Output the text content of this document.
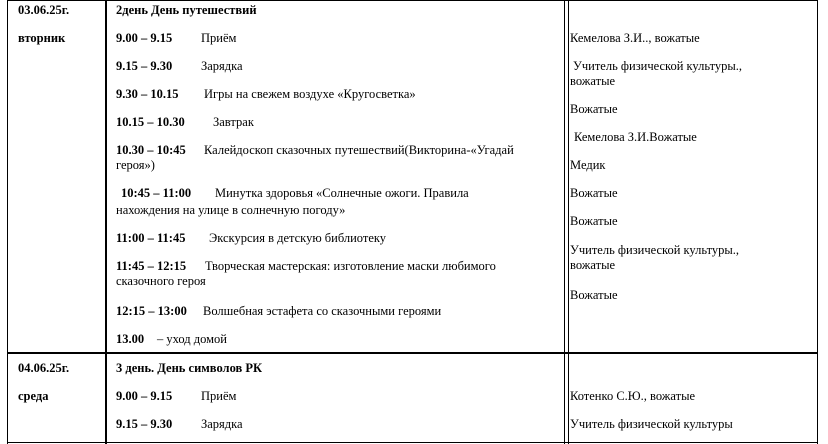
03.06.25г.
вторник
2день День путешествий
9.00 – 9.15 Приём
9.15 – 9.30 Зарядка
9.30 – 10.15 Игры на свежем воздухе «Кругосветка»
10.15 – 10.30 Завтрак
10.30 – 10:45 Калейдоскоп сказочных путешествий(Викторина-«Угадай
героя»)
10:45 – 11:00 Минутка здоровья «Солнечные ожоги. Правила
нахождения на улице в солнечную погоду»
11:00 – 11:45 Экскурсия в детскую библиотеку
11:45 – 12:15 Творческая мастерская: изготовление маски любимого
сказочного героя
12:15 – 13:00 Волшебная эстафета со сказочными героями
13.00 – уход домой
Кемелова З.И.., вожатые
Учитель физической культуры.,
вожатые
Вожатые
Кемелова З.И.Вожатые
Медик
Вожатые
Вожатые
Учитель физической культуры.,
вожатые
Вожатые
04.06.25г.
среда
3 день. День символов РК
9.00 – 9.15 Приём	Котенко С.Ю., вожатые
9.15 – 9.30 Зарядка	Учитель физической культуры
